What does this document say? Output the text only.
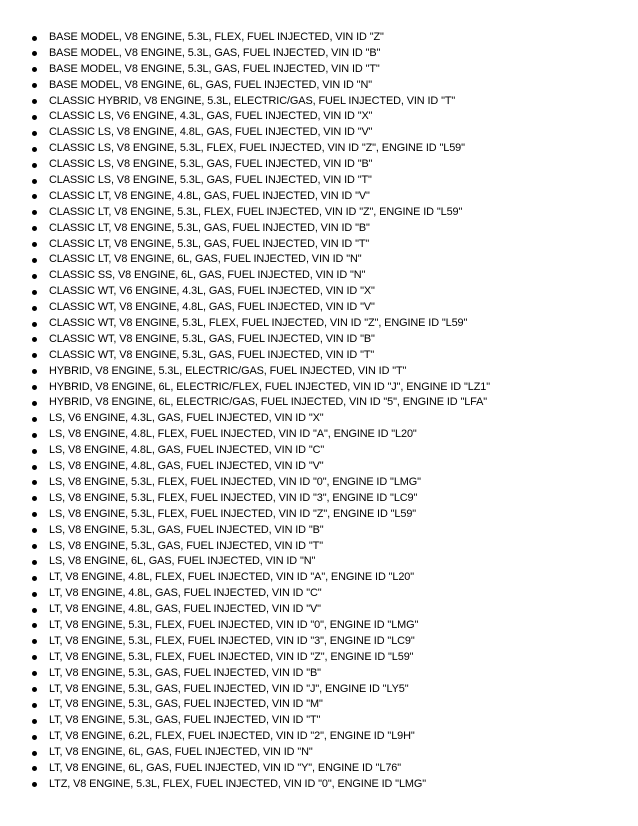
BASE MODEL, V8 ENGINE, 5.3L, FLEX, FUEL INJECTED, VIN ID "Z"
BASE MODEL, V8 ENGINE, 5.3L, GAS, FUEL INJECTED, VIN ID "B"
BASE MODEL, V8 ENGINE, 5.3L, GAS, FUEL INJECTED, VIN ID "T"
BASE MODEL, V8 ENGINE, 6L, GAS, FUEL INJECTED, VIN ID "N"
CLASSIC HYBRID, V8 ENGINE, 5.3L, ELECTRIC/GAS, FUEL INJECTED, VIN ID "T"
CLASSIC LS, V6 ENGINE, 4.3L, GAS, FUEL INJECTED, VIN ID "X"
CLASSIC LS, V8 ENGINE, 4.8L, GAS, FUEL INJECTED, VIN ID "V"
CLASSIC LS, V8 ENGINE, 5.3L, FLEX, FUEL INJECTED, VIN ID "Z", ENGINE ID "L59"
CLASSIC LS, V8 ENGINE, 5.3L, GAS, FUEL INJECTED, VIN ID "B"
CLASSIC LS, V8 ENGINE, 5.3L, GAS, FUEL INJECTED, VIN ID "T"
CLASSIC LT, V8 ENGINE, 4.8L, GAS, FUEL INJECTED, VIN ID "V"
CLASSIC LT, V8 ENGINE, 5.3L, FLEX, FUEL INJECTED, VIN ID "Z", ENGINE ID "L59"
CLASSIC LT, V8 ENGINE, 5.3L, GAS, FUEL INJECTED, VIN ID "B"
CLASSIC LT, V8 ENGINE, 5.3L, GAS, FUEL INJECTED, VIN ID "T"
CLASSIC LT, V8 ENGINE, 6L, GAS, FUEL INJECTED, VIN ID "N"
CLASSIC SS, V8 ENGINE, 6L, GAS, FUEL INJECTED, VIN ID "N"
CLASSIC WT, V6 ENGINE, 4.3L, GAS, FUEL INJECTED, VIN ID "X"
CLASSIC WT, V8 ENGINE, 4.8L, GAS, FUEL INJECTED, VIN ID "V"
CLASSIC WT, V8 ENGINE, 5.3L, FLEX, FUEL INJECTED, VIN ID "Z", ENGINE ID "L59"
CLASSIC WT, V8 ENGINE, 5.3L, GAS, FUEL INJECTED, VIN ID "B"
CLASSIC WT, V8 ENGINE, 5.3L, GAS, FUEL INJECTED, VIN ID "T"
HYBRID, V8 ENGINE, 5.3L, ELECTRIC/GAS, FUEL INJECTED, VIN ID "T"
HYBRID, V8 ENGINE, 6L, ELECTRIC/FLEX, FUEL INJECTED, VIN ID "J", ENGINE ID "LZ1"
HYBRID, V8 ENGINE, 6L, ELECTRIC/GAS, FUEL INJECTED, VIN ID "5", ENGINE ID "LFA"
LS, V6 ENGINE, 4.3L, GAS, FUEL INJECTED, VIN ID "X"
LS, V8 ENGINE, 4.8L, FLEX, FUEL INJECTED, VIN ID "A", ENGINE ID "L20"
LS, V8 ENGINE, 4.8L, GAS, FUEL INJECTED, VIN ID "C"
LS, V8 ENGINE, 4.8L, GAS, FUEL INJECTED, VIN ID "V"
LS, V8 ENGINE, 5.3L, FLEX, FUEL INJECTED, VIN ID "0", ENGINE ID "LMG"
LS, V8 ENGINE, 5.3L, FLEX, FUEL INJECTED, VIN ID "3", ENGINE ID "LC9"
LS, V8 ENGINE, 5.3L, FLEX, FUEL INJECTED, VIN ID "Z", ENGINE ID "L59"
LS, V8 ENGINE, 5.3L, GAS, FUEL INJECTED, VIN ID "B"
LS, V8 ENGINE, 5.3L, GAS, FUEL INJECTED, VIN ID "T"
LS, V8 ENGINE, 6L, GAS, FUEL INJECTED, VIN ID "N"
LT, V8 ENGINE, 4.8L, FLEX, FUEL INJECTED, VIN ID "A", ENGINE ID "L20"
LT, V8 ENGINE, 4.8L, GAS, FUEL INJECTED, VIN ID "C"
LT, V8 ENGINE, 4.8L, GAS, FUEL INJECTED, VIN ID "V"
LT, V8 ENGINE, 5.3L, FLEX, FUEL INJECTED, VIN ID "0", ENGINE ID "LMG"
LT, V8 ENGINE, 5.3L, FLEX, FUEL INJECTED, VIN ID "3", ENGINE ID "LC9"
LT, V8 ENGINE, 5.3L, FLEX, FUEL INJECTED, VIN ID "Z", ENGINE ID "L59"
LT, V8 ENGINE, 5.3L, GAS, FUEL INJECTED, VIN ID "B"
LT, V8 ENGINE, 5.3L, GAS, FUEL INJECTED, VIN ID "J", ENGINE ID "LY5"
LT, V8 ENGINE, 5.3L, GAS, FUEL INJECTED, VIN ID "M"
LT, V8 ENGINE, 5.3L, GAS, FUEL INJECTED, VIN ID "T"
LT, V8 ENGINE, 6.2L, FLEX, FUEL INJECTED, VIN ID "2", ENGINE ID "L9H"
LT, V8 ENGINE, 6L, GAS, FUEL INJECTED, VIN ID "N"
LT, V8 ENGINE, 6L, GAS, FUEL INJECTED, VIN ID "Y", ENGINE ID "L76"
LTZ, V8 ENGINE, 5.3L, FLEX, FUEL INJECTED, VIN ID "0", ENGINE ID "LMG"
